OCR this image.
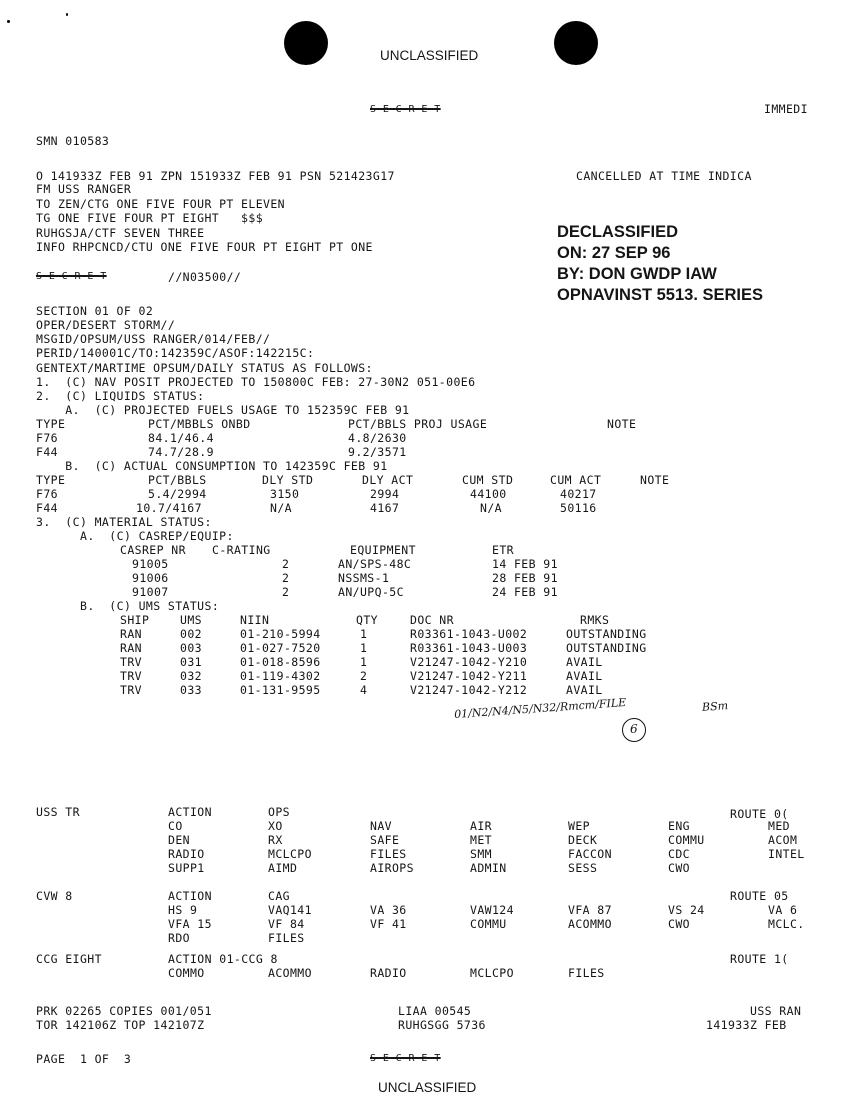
UNCLASSIFIED
S E C R E T	IMMEDI
SMN 010583
O 141933Z FEB 91 ZPN 151933Z FEB 91 PSN 521423G17	CANCELLED AT TIME INDICA
FM USS RANGER
TO ZEN/CTG ONE FIVE FOUR PT ELEVEN
TG ONE FIVE FOUR PT EIGHT   $$$
RUHGSJA/CTF SEVEN THREE
INFO RHPCNCD/CTU ONE FIVE FOUR PT EIGHT PT ONE
S E C R E T	//N03500//
DECLASSIFIED
ON: 27 SEP 96
BY: DON GWDP IAW
OPNAVINST 5513. SERIES
SECTION 01 OF 02
OPER/DESERT STORM//
MSGID/OPSUM/USS RANGER/014/FEB//
PERID/140001C/TO:142359C/ASOF:142215C:
GENTEXT/MARTIME OPSUM/DAILY STATUS AS FOLLOWS:
1.  (C) NAV POSIT PROJECTED TO 150800C FEB: 27-30N2 051-00E6
2.  (C) LIQUIDS STATUS:
A.  (C) PROJECTED FUELS USAGE TO 152359C FEB 91
TYPE	PCT/MBBLS ONBD	PCT/BBLS PROJ USAGE	NOTE
F76	84.1/46.4	4.8/2630
F44	74.7/28.9	9.2/3571
B.  (C) ACTUAL CONSUMPTION TO 142359C FEB 91
TYPE	PCT/BBLS	DLY STD	DLY ACT	CUM STD	CUM ACT	NOTE
F76	5.4/2994	3150	2994	44100	40217
F44	10.7/4167	N/A	4167	N/A	50116
3.  (C) MATERIAL STATUS:
A.  (C) CASREP/EQUIP:
CASREP NR C-RATING	EQUIPMENT	ETR
91005	2	AN/SPS-48C	14 FEB 91
91006	2	NSSMS-1	28 FEB 91
91007	2	AN/UPQ-5C	24 FEB 91
B.  (C) UMS STATUS:
SHIP	UMS	NIIN	QTY	DOC NR	RMKS
RAN	002	01-210-5994	1	R03361-1043-U002	OUTSTANDING
RAN	003	01-027-7520	1	R03361-1043-U003	OUTSTANDING
TRV	031	01-018-8596	1	V21247-1042-Y210	AVAIL
TRV	032	01-119-4302	2	V21247-1042-Y211	AVAIL
TRV	033	01-131-9595	4	V21247-1042-Y212	AVAIL
USS TR	ROUTE 0(
ACTION	OPS
CO	XO	NAV	AIR	WEP	ENG	MED
DEN	RX	SAFE	MET	DECK	COMMU	ACOM
RADIO	MCLCPO	FILES	SMM	FACCON	CDC	INTEL
SUPP1	AIMD	AIROPS	ADMIN	SESS	CWO
CVW 8	ROUTE 05
ACTION	CAG
HS 9	VAQ141	VA 36	VAW124	VFA 87	VS 24	VA 6
VFA 15	VF 84	VF 41	COMMU	ACOMMO	CWO	MCLC.
RDO	FILES
CCG EIGHT	ROUTE 1(
ACTION 01-CCG 8
COMMO	ACOMMO	RADIO	MCLCPO	FILES
01/N2/N4/N5/N32/Rmcm/FILE	BSm
6
PRK 02265 COPIES 001/051
TOR 142106Z TOP 142107Z
LIAA 00545
RUHGSGG 5736
USS RAN
141933Z FEB
PAGE  1 OF  3	S E C R E T
UNCLASSIFIED
